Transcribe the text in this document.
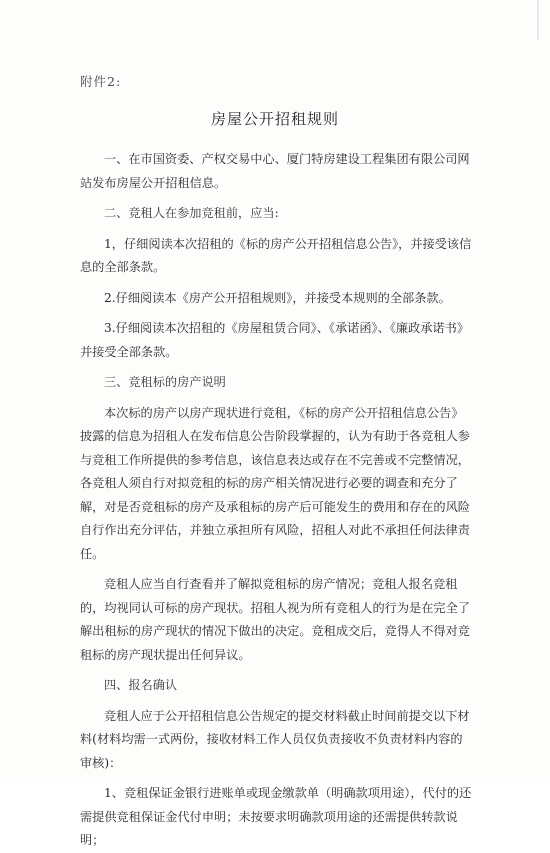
附件2:
房屋公开招租规则

一、在市国资委、产权交易中心、厦门特房建设工程集团有限公司网站发布房屋公开招租信息。

二、竞租人在参加竞租前，应当:

1，仔细阅读本次招租的《标的房产公开招租信息公告》，并接受该信息的全部条款。

2.仔细阅读本《房产公开招租规则》，并接受本规则的全部条款。

3.仔细阅读本次招租的《房屋租赁合同》、《承诺函》、《廉政承诺书》并接受全部条款。

三、竞租标的房产说明

本次标的房产以房产现状进行竞租，《标的房产公开招租信息公告》披露的信息为招租人在发布信息公告阶段掌握的，认为有助于各竞租人参与竞租工作所提供的参考信息，该信息表达或存在不完善或不完整情况，各竞租人须自行对拟竞租的标的房产相关情况进行必要的调查和充分了解，对是否竞租标的房产及承租标的房产后可能发生的费用和存在的风险自行作出充分评估，并独立承担所有风险，招租人对此不承担任何法律责任。

竞租人应当自行查看并了解拟竞租标的房产情况；竞租人报名竞租的，均视同认可标的房产现状。招租人视为所有竞租人的行为是在完全了解出租标的房产现状的情况下做出的决定。竞租成交后，竞得人不得对竞租标的房产现状提出任何异议。

四、报名确认

竞租人应于公开招租信息公告规定的提交材料截止时间前提交以下材料(材料均需一式两份，接收材料工作人员仅负责接收不负责材料内容的审核)：

1、竞租保证金银行进账单或现金缴款单（明确款项用途），代付的还需提供竞租保证金代付申明；未按要求明确款项用途的还需提供转款说明；
